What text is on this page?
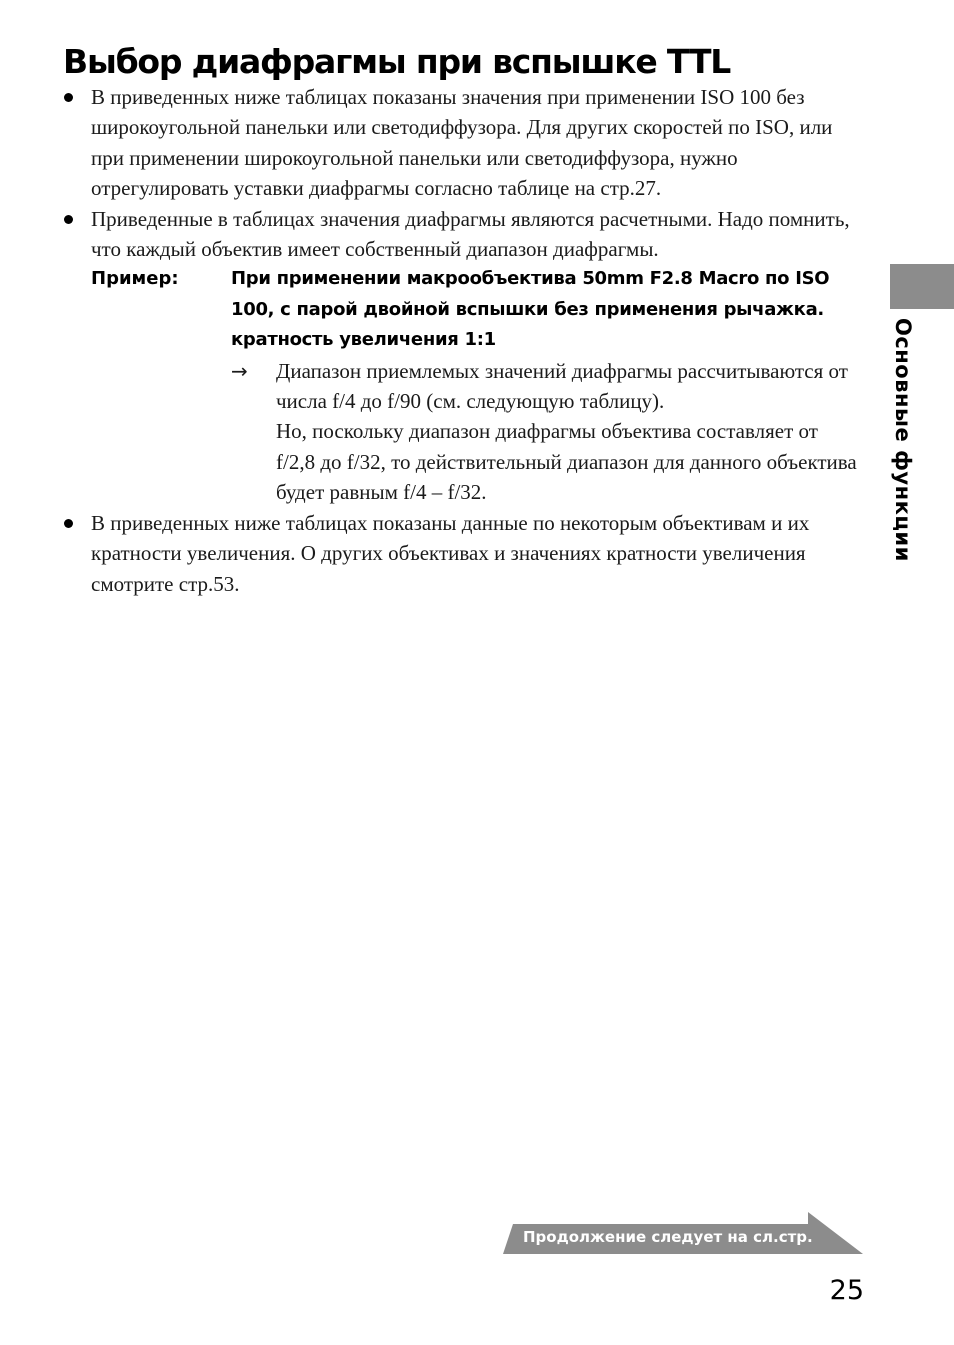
Выбор диафрагмы при вспышке TTL
В приведенных ниже таблицах показаны значения при применении ISO 100 без широкоугольной панельки или светодиффузора. Для других скоростей по ISO, или при применении широкоугольной панельки или светодиффузора, нужно отрегулировать уставки диафрагмы согласно таблице на стр.27.
Приведенные в таблицах значения диафрагмы являются расчетными. Надо помнить, что каждый объектив имеет собственный диапазон диафрагмы.
Пример:	При применении макрообъектива 50mm F2.8 Macro по ISO 100, с парой двойной вспышки без применения рычажка. кратность увеличения 1:1
→ Диапазон приемлемых значений диафрагмы рассчитываются от числа f/4 до f/90 (см. следующую таблицу).
Но, поскольку диапазон диафрагмы объектива составляет от f/2,8 до f/32, то действительный диапазон для данного объектива будет равным f/4 – f/32.
В приведенных ниже таблицах показаны данные по некоторым объективам и их кратности увеличения. О других объективах и значениях кратности увеличения смотрите стр.53.
Основные функции
Продолжение следует на сл.стр.
25
